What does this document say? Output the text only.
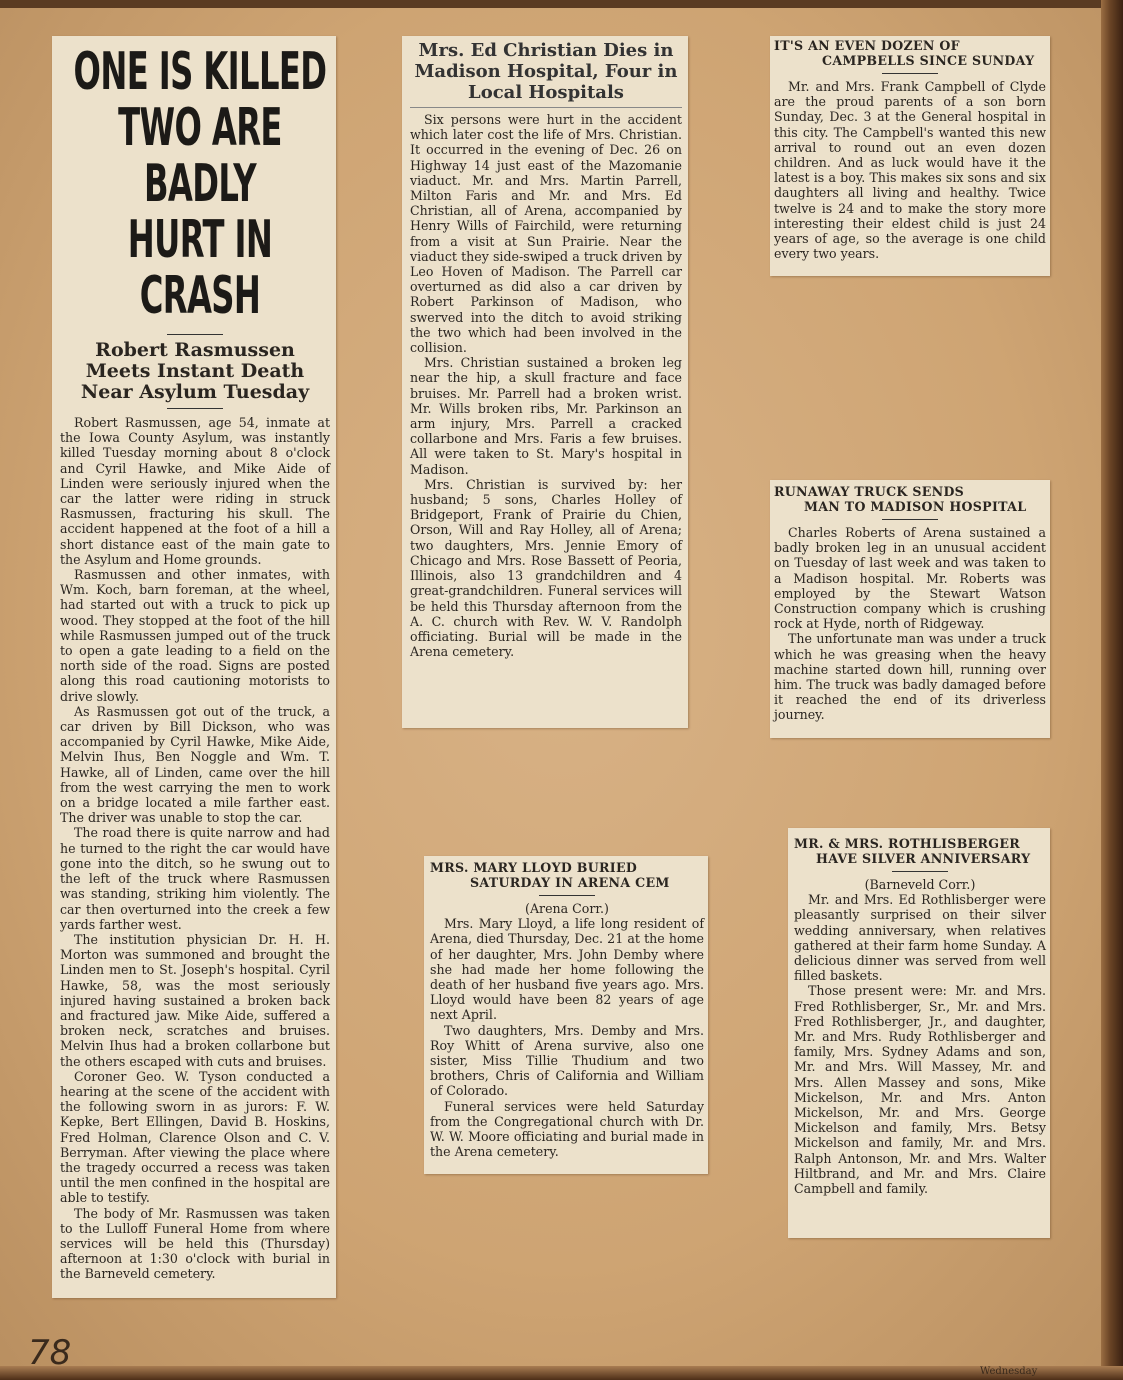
ONE IS KILLED
TWO ARE BADLY
HURT IN CRASH
Robert Rasmussen Meets Instant Death Near Asylum Tuesday

Robert Rasmussen, age 54, inmate at the Iowa County Asylum, was instantly killed Tuesday morning about 8 o'clock and Cyril Hawke, and Mike Aide of Linden were seriously injured when the car the latter were riding in struck Rasmussen, fracturing his skull. The accident happened at the foot of a hill a short distance east of the main gate to the Asylum and Home grounds.

Rasmussen and other inmates, with Wm. Koch, barn foreman, at the wheel, had started out with a truck to pick up wood. They stopped at the foot of the hill while Rasmussen jumped out of the truck to open a gate leading to a field on the north side of the road. Signs are posted along this road cautioning motorists to drive slowly.

As Rasmussen got out of the truck, a car driven by Bill Dickson, who was accompanied by Cyril Hawke, Mike Aide, Melvin Ihus, Ben Noggle and Wm. T. Hawke, all of Linden, came over the hill from the west carrying the men to work on a bridge located a mile farther east. The driver was unable to stop the car.

The road there is quite narrow and had he turned to the right the car would have gone into the ditch, so he swung out to the left of the truck where Rasmussen was standing, striking him violently. The car then overturned into the creek a few yards farther west.

The institution physician Dr. H. H. Morton was summoned and brought the Linden men to St. Joseph's hospital. Cyril Hawke, 58, was the most seriously injured having sustained a broken back and fractured jaw. Mike Aide, suffered a broken neck, scratches and bruises. Melvin Ihus had a broken collarbone but the others escaped with cuts and bruises.

Coroner Geo. W. Tyson conducted a hearing at the scene of the accident with the following sworn in as jurors: F. W. Kepke, Bert Ellingen, David B. Hoskins, Fred Holman, Clarence Olson and C. V. Berryman. After viewing the place where the tragedy occurred a recess was taken until the men confined in the hospital are able to testify.

The body of Mr. Rasmussen was taken to the Lulloff Funeral Home from where services will be held this (Thursday) afternoon at 1:30 o'clock with burial in the Barneveld cemetery.

Mrs. Ed Christian Dies in Madison Hospital, Four in Local Hospitals

Six persons were hurt in the accident which later cost the life of Mrs. Christian. It occurred in the evening of Dec. 26 on Highway 14 just east of the Mazomanie viaduct. Mr. and Mrs. Martin Parrell, Milton Faris and Mr. and Mrs. Ed Christian, all of Arena, accompanied by Henry Wills of Fairchild, were returning from a visit at Sun Prairie. Near the viaduct they side-swiped a truck driven by Leo Hoven of Madison. The Parrell car overturned as did also a car driven by Robert Parkinson of Madison, who swerved into the ditch to avoid striking the two which had been involved in the collision.

Mrs. Christian sustained a broken leg near the hip, a skull fracture and face bruises. Mr. Parrell had a broken wrist. Mr. Wills broken ribs, Mr. Parkinson an arm injury, Mrs. Parrell a cracked collarbone and Mrs. Faris a few bruises. All were taken to St. Mary's hospital in Madison.

Mrs. Christian is survived by: her husband; 5 sons, Charles Holley of Bridgeport, Frank of Prairie du Chien, Orson, Will and Ray Holley, all of Arena; two daughters, Mrs. Jennie Emory of Chicago and Mrs. Rose Bassett of Peoria, Illinois, also 13 grandchildren and 4 great-grandchildren. Funeral services will be held this Thursday afternoon from the A. C. church with Rev. W. V. Randolph officiating. Burial will be made in the Arena cemetery.

IT'S AN EVEN DOZEN OF
CAMPBELLS SINCE SUNDAY

Mr. and Mrs. Frank Campbell of Clyde are the proud parents of a son born Sunday, Dec. 3 at the General hospital in this city. The Campbell's wanted this new arrival to round out an even dozen children. And as luck would have it the latest is a boy. This makes six sons and six daughters all living and healthy. Twice twelve is 24 and to make the story more interesting their eldest child is just 24 years of age, so the average is one child every two years.

RUNAWAY TRUCK SENDS
MAN TO MADISON HOSPITAL

Charles Roberts of Arena sustained a badly broken leg in an unusual accident on Tuesday of last week and was taken to a Madison hospital. Mr. Roberts was employed by the Stewart Watson Construction company which is crushing rock at Hyde, north of Ridgeway.

The unfortunate man was under a truck which he was greasing when the heavy machine started down hill, running over him. The truck was badly damaged before it reached the end of its driverless journey.

MRS. MARY LLOYD BURIED
SATURDAY IN ARENA CEM
(Arena Corr.)

Mrs. Mary Lloyd, a life long resident of Arena, died Thursday, Dec. 21 at the home of her daughter, Mrs. John Demby where she had made her home following the death of her husband five years ago. Mrs. Lloyd would have been 82 years of age next April.

Two daughters, Mrs. Demby and Mrs. Roy Whitt of Arena survive, also one sister, Miss Tillie Thudium and two brothers, Chris of California and William of Colorado.

Funeral services were held Saturday from the Congregational church with Dr. W. W. Moore officiating and burial made in the Arena cemetery.

MR. & MRS. ROTHLISBERGER
HAVE SILVER ANNIVERSARY
(Barneveld Corr.)

Mr. and Mrs. Ed Rothlisberger were pleasantly surprised on their silver wedding anniversary, when relatives gathered at their farm home Sunday. A delicious dinner was served from well filled baskets.

Those present were: Mr. and Mrs. Fred Rothlisberger, Sr., Mr. and Mrs. Fred Rothlisberger, Jr., and daughter, Mr. and Mrs. Rudy Rothlisberger and family, Mrs. Sydney Adams and son, Mr. and Mrs. Will Massey, Mr. and Mrs. Allen Massey and sons, Mike Mickelson, Mr. and Mrs. Anton Mickelson, Mr. and Mrs. George Mickelson and family, Mrs. Betsy Mickelson and family, Mr. and Mrs. Ralph Antonson, Mr. and Mrs. Walter Hiltbrand, and Mr. and Mrs. Claire Campbell and family.

78	Wednesday
